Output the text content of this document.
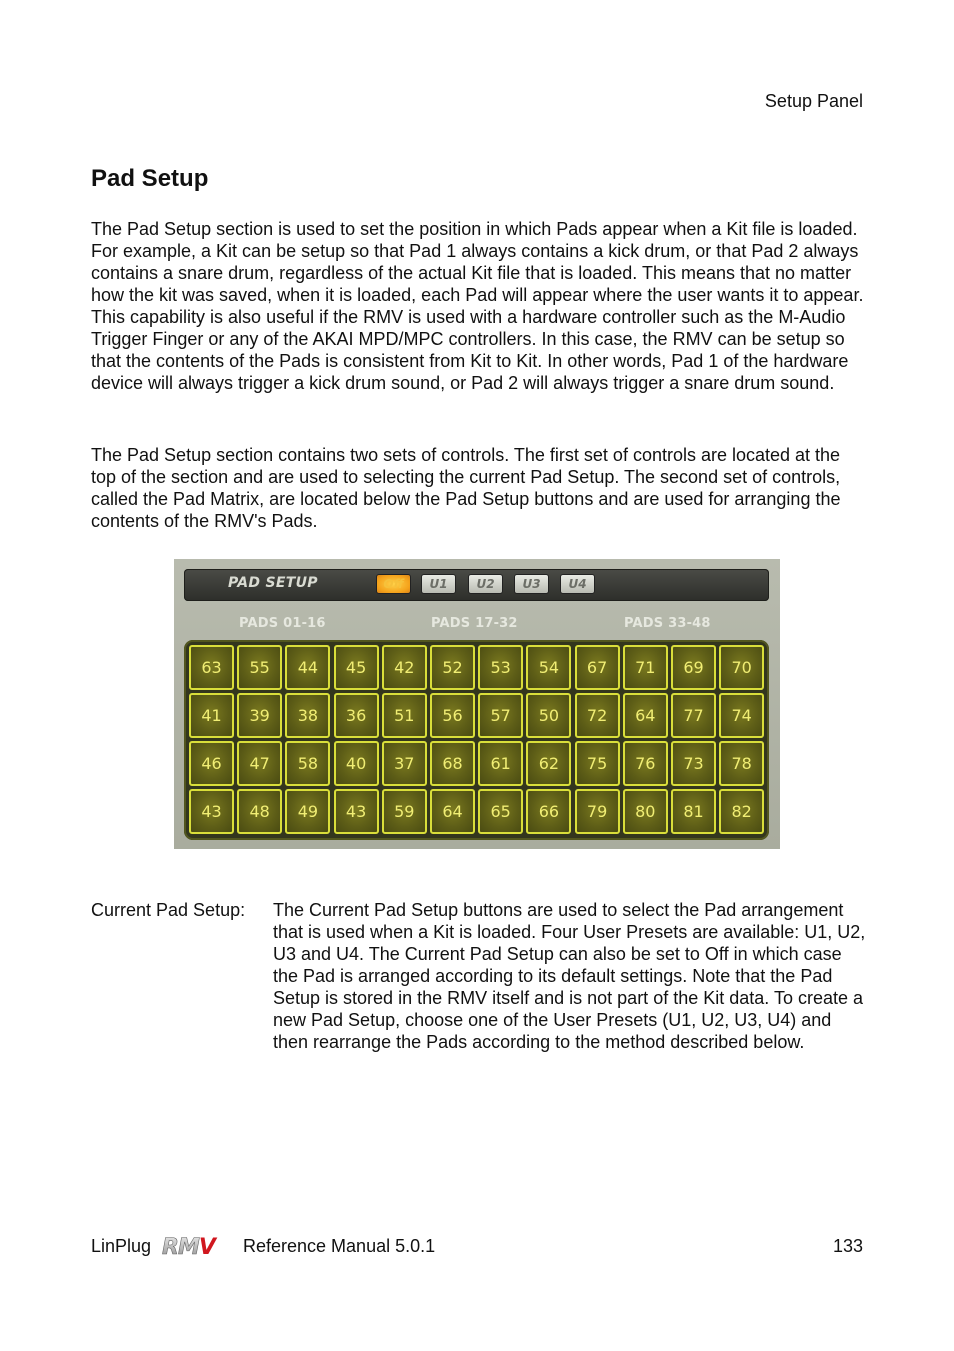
Setup Panel
Pad Setup

The Pad Setup section is used to set the position in which Pads appear when a Kit file is loaded. For example, a Kit can be setup so that Pad 1 always contains a kick drum, or that Pad 2 always contains a snare drum, regardless of the actual Kit file that is loaded. This means that no matter how the kit was saved, when it is loaded, each Pad will appear where the user wants it to appear. This capability is also useful if the RMV is used with a hardware controller such as the M-Audio Trigger Finger or any of the AKAI MPD/MPC controllers. In this case, the RMV can be setup so that the contents of the Pads is consistent from Kit to Kit. In other words, Pad 1 of the hardware device will always trigger a kick drum sound, or Pad 2 will always trigger a snare drum sound.

The Pad Setup section contains two sets of controls. The first set of controls are located at the top of the section and are used to selecting the current Pad Setup. The second set of controls, called the Pad Matrix, are located below the Pad Setup buttons and are used for arranging the contents of the RMV's Pads.

PAD SETUP	Off	U1	U2	U3	U4
PADS 01-16	PADS 17-32	PADS 33-48
63	55	44	45	42	52	53	54	67	71	69	70
41	39	38	36	51	56	57	50	72	64	77	74
46	47	58	40	37	68	61	62	75	76	73	78
43	48	49	43	59	64	65	66	79	80	81	82

Current Pad Setup: The Current Pad Setup buttons are used to select the Pad arrangement that is used when a Kit is loaded. Four User Presets are available: U1, U2, U3 and U4. The Current Pad Setup can also be set to Off in which case the Pad is arranged according to its default settings. Note that the Pad Setup is stored in the RMV itself and is not part of the Kit data. To create a new Pad Setup, choose one of the User Presets (U1, U2, U3, U4) and then rearrange the Pads according to the method described below.

LinPlug RMV Reference Manual 5.0.1	133
